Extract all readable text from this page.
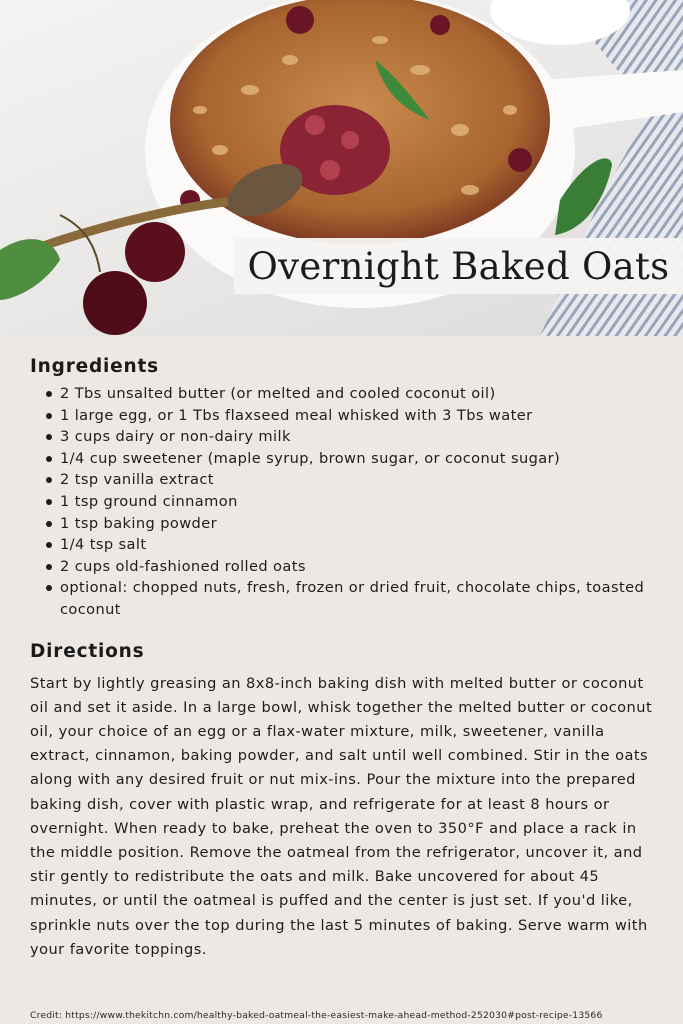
Overnight Baked Oats
Ingredients
2 Tbs unsalted butter (or melted and cooled coconut oil)
1 large egg, or 1 Tbs flaxseed meal whisked with 3 Tbs water
3 cups dairy or non-dairy milk
1/4 cup sweetener (maple syrup, brown sugar, or coconut sugar)
2 tsp vanilla extract
1 tsp ground cinnamon
1 tsp baking powder
1/4 tsp salt
2 cups old-fashioned rolled oats
optional: chopped nuts, fresh, frozen or dried fruit, chocolate chips, toasted coconut
Directions

Start by lightly greasing an 8x8-inch baking dish with melted butter or coconut oil and set it aside. In a large bowl, whisk together the melted butter or coconut oil, your choice of an egg or a flax-water mixture, milk, sweetener, vanilla extract, cinnamon, baking powder, and salt until well combined. Stir in the oats along with any desired fruit or nut mix-ins. Pour the mixture into the prepared baking dish, cover with plastic wrap, and refrigerate for at least 8 hours or overnight. When ready to bake, preheat the oven to 350°F and place a rack in the middle position. Remove the oatmeal from the refrigerator, uncover it, and stir gently to redistribute the oats and milk. Bake uncovered for about 45 minutes, or until the oatmeal is puffed and the center is just set. If you'd like, sprinkle nuts over the top during the last 5 minutes of baking. Serve warm with your favorite toppings.

Credit: https://www.thekitchn.com/healthy-baked-oatmeal-the-easiest-make-ahead-method-252030#post-recipe-13566
